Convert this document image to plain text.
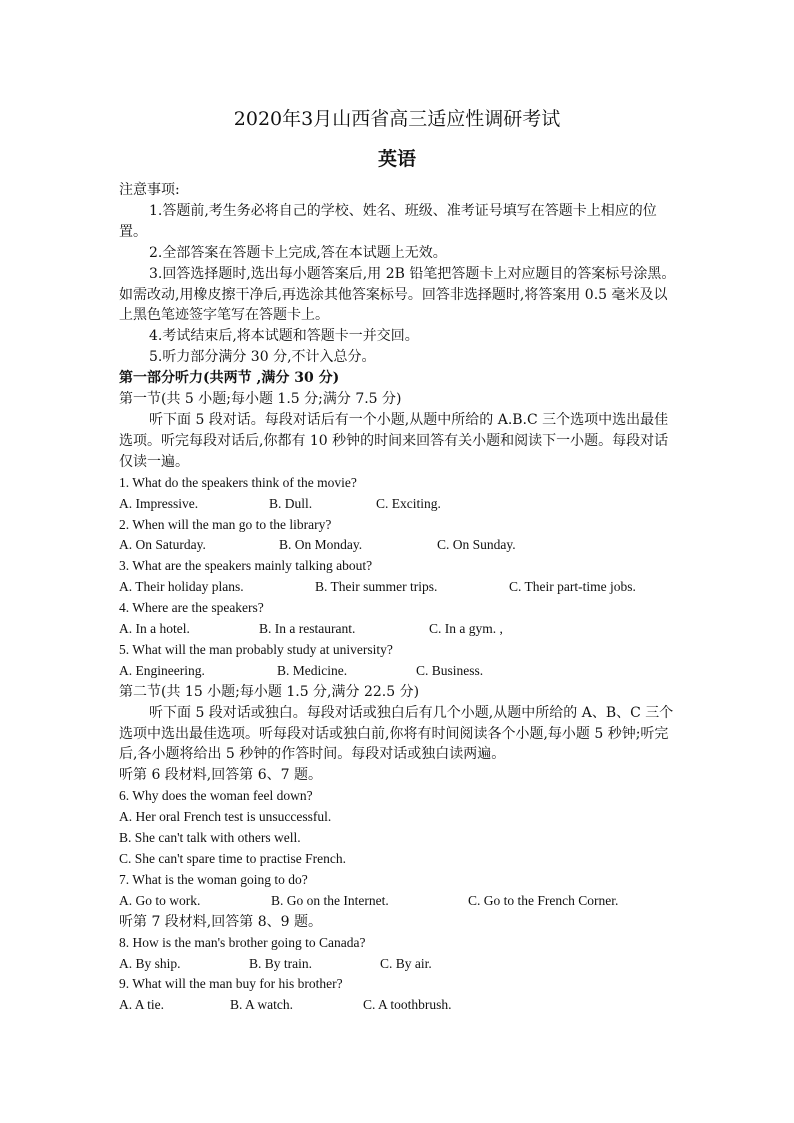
2020年3月山西省高三适应性调研考试
英语

注意事项:

1.答题前,考生务必将自己的学校、姓名、班级、准考证号填写在答题卡上相应的位置。

2.全部答案在答题卡上完成,答在本试题上无效。

3.回答选择题时,选出每小题答案后,用 2B 铅笔把答题卡上对应题目的答案标号涂黑。如需改动,用橡皮擦干净后,再选涂其他答案标号。回答非选择题时,将答案用 0.5 毫米及以上黑色笔迹签字笔写在答题卡上。

4.考试结束后,将本试题和答题卡一并交回。

5.听力部分满分 30 分,不计入总分。

第一部分听力(共两节 ,满分 30 分)

第一节(共 5 小题;每小题 1.5 分;满分 7.5 分)

听下面 5 段对话。每段对话后有一个小题,从题中所给的 A.B.C 三个选项中选出最佳选项。听完每段对话后,你都有 10 秒钟的时间来回答有关小题和阅读下一小题。每段对话仅读一遍。

1. What do the speakers think of the movie?

A. Impressive.	B. Dull.	C. Exciting.

2. When will the man go to the library?

A. On Saturday.	B. On Monday.	C. On Sunday.

3. What are the speakers mainly talking about?

A. Their holiday plans.	B. Their summer trips.	C. Their part-time jobs.

4. Where are the speakers?

A. In a hotel.	B. In a restaurant.	C. In a gym. ,

5. What will the man probably study at university?

A. Engineering.	B. Medicine.	C. Business.

第二节(共 15 小题;每小题 1.5 分,满分 22.5 分)

听下面 5 段对话或独白。每段对话或独白后有几个小题,从题中所给的 A、B、C 三个选项中选出最佳选项。听每段对话或独白前,你将有时间阅读各个小题,每小题 5 秒钟;听完后,各小题将给出 5 秒钟的作答时间。每段对话或独白读两遍。

听第 6 段材料,回答第 6、7 题。

6. Why does the woman feel down?

A. Her oral French test is unsuccessful.

B. She can't talk with others well.

C. She can't spare time to practise French.

7. What is the woman going to do?

A. Go to work.	B. Go on the Internet.	C. Go to the French Corner.

听第 7 段材料,回答第 8、9 题。

8. How is the man's brother going to Canada?

A. By ship.	B. By train.	C. By air.

9. What will the man buy for his brother?

A. A tie.	B. A watch.	C. A toothbrush.
